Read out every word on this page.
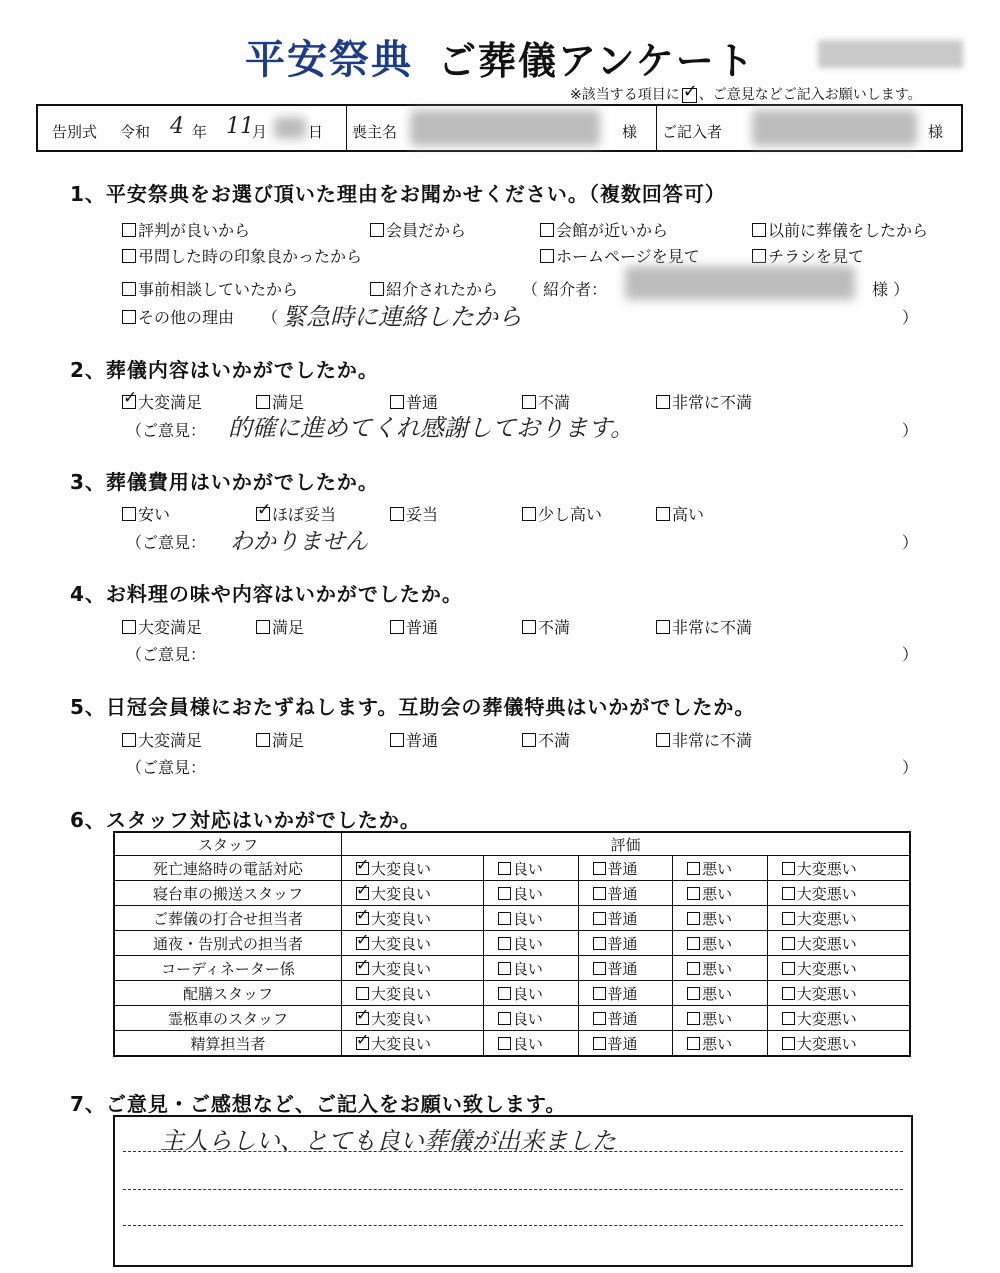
平安祭典 ご葬儀アンケート
※該当する項目に ✓ 、ご意見などご記入お願いします。
告別式 令和 4 年 11
月	日 喪主名	様 ご記入者	様
1、平安祭典をお選び頂いた理由をお聞かせください。（複数回答可）
評判が良いから	会員だから	会館が近いから	以前に葬儀をしたから
弔問した時の印象良かったから	ホームページを見て	チラシを見て
事前相談していたから	紹介されたから （ 紹介者：	様 ）
その他の理由 （ 緊急時に連絡したから	）
2、葬儀内容はいかがでしたか。
✓大変満足	満足	普通	不満	非常に不満
（ご意見： 的確に進めてくれ感謝しております。	）
3、葬儀費用はいかがでしたか。
安い ✓	ほぼ妥当	妥当	少し高い	高い
（ご意見： わかりません	）
4、お料理の味や内容はいかがでしたか。
大変満足	満足	普通	不満	非常に不満
（ご意見：	）
5、日冠会員様におたずねします。互助会の葬儀特典はいかがでしたか。
大変満足	満足	普通	不満	非常に不満
（ご意見：	）
6、スタッフ対応はいかがでしたか。
スタッフ	評価				
死亡連絡時の電話対応	✓大変良い	良い	普通	悪い	大変悪い
寝台車の搬送スタッフ	✓大変良い	良い	普通	悪い	大変悪い
ご葬儀の打合せ担当者	✓大変良い	良い	普通	悪い	大変悪い
通夜・告別式の担当者	✓大変良い	良い	普通	悪い	大変悪い
コーディネーター係	✓大変良い	良い	普通	悪い	大変悪い
配膳スタッフ	大変良い	良い	普通	悪い	大変悪い
霊柩車のスタッフ	✓大変良い	良い	普通	悪い	大変悪い
精算担当者	✓大変良い	良い	普通	悪い	大変悪い
7、ご意見・ご感想など、ご記入をお願い致します。
主人らしい、とても良い葬儀が出来ました
